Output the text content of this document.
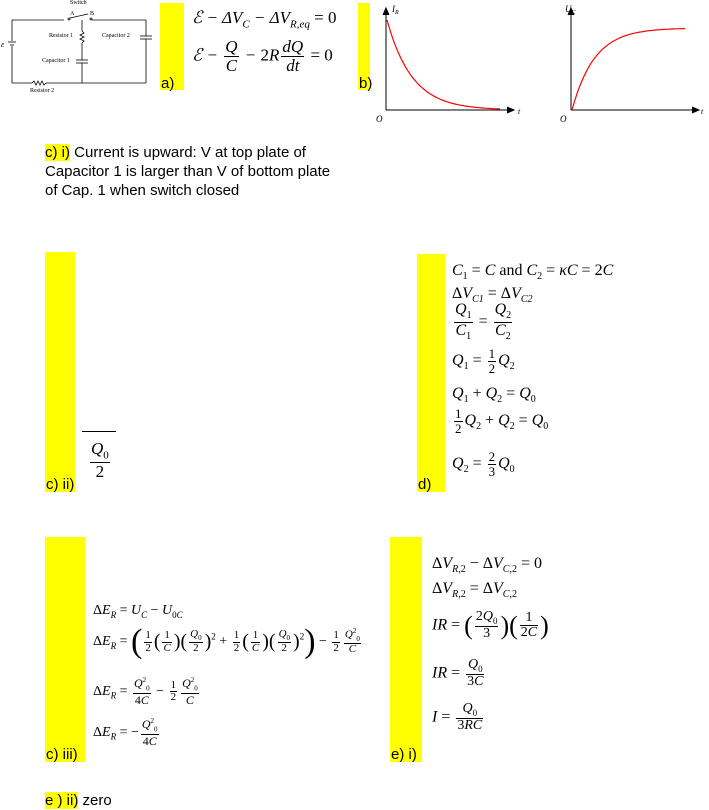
Switch
A	B
ε
Resistor 1	Capacitor 2
Capacitor 1
Resistor 2	a)
ℰ − $\Delta V_C - \Delta V_{R,eq} = 0$
ℰ − $\frac{Q}{C} - 2R \frac{dQ}{dt} = 0$
b)
$I_R$
t
O
$U_C$
t
O
c) i) Current is upward: V at top plate of Capacitor 1 is larger than V of bottom plate of Cap. 1 when switch closed
c) ii)
$\frac{Q_0}{2}$
d)
$C_1 = C$ and $C_2 = \kappa C = 2C$
$\Delta V_{C1} = \Delta V_{C2}$
$\frac{Q_1}{C_1} = \frac{Q_2}{C_2}$
$Q_1 = \frac{1}{2} Q_2$
$Q_1 + Q_2 = Q_0$
$\frac{1}{2} Q_2 + Q_2 = Q_0$
$Q_2 = \frac{2}{3} Q_0$
c) iii)
$\Delta E_R = U_C - U_{0C}$
$\Delta E_R$ = ( $\frac{1}{2}$ ( $\frac{1}{C}$ )( $\frac{Q_0}{2} )^2 + \frac{1}{2}$ ( $\frac{1}{C}$ )( $\frac{Q_0}{2} )^2) - \frac{1}{2} \frac{Q^2_0}{C}$
$\Delta E_R = \frac{Q^2_0}{4C} - \frac{1}{2} \frac{Q^2_0}{C}$
$\Delta E_R$ = − $\frac{Q^2_0}{4C}$
e) i)
$\Delta V_{R,2} - \Delta V_{C,2} = 0$
$\Delta V_{R,2} = \Delta V_{C,2}$
IR = ( $\frac{2Q_0}{3}$ )( $\frac{1}{2C}$ )
IR = $\frac{Q_0}{3C}$
$I = \frac{Q_0}{3RC}$
e ) ii) zero
